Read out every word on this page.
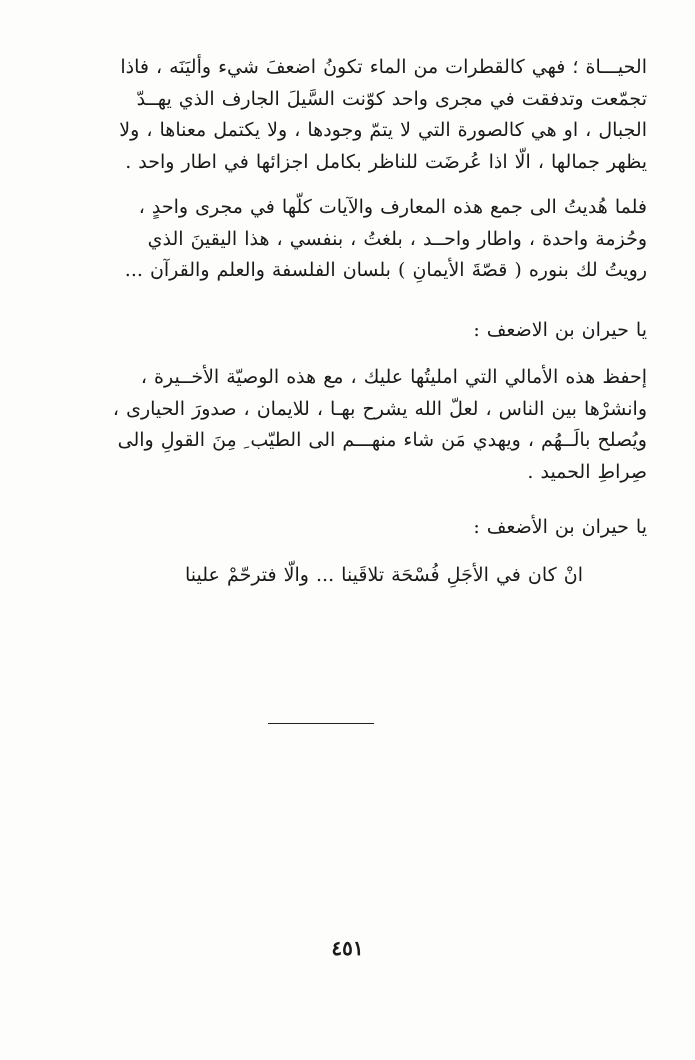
الحيـــاة ؛ فهي كالقطرات من الماء تكونُ اضعفَ شيء وأليَنَه ، فاذا
تجمّعت وتدفقت في مجرى واحد كوّنت السَّيلَ الجارف الذي يهــدّ
الجبال ، او هي كالصورة التي لا يتمّ وجودها ، ولا يكتمل معناها ، ولا
يظهر جمالها ، الّا اذا عُرضَت للناظر بكامل اجزائها في اطار واحد .
فلما هُديتُ الى جمع هذه المعارف والآيات كلّها في مجرى واحدٍ ،
وحُزمة واحدة ، واطار واحــد ، بلغتُ ، بنفسي ، هذا اليقينَ الذي
رويتُ لك بنوره ( قصّةَ الأيمانِ ) بلسان الفلسفة والعلم والقرآن ...
يا حيران بن الاضعف :
إحفظ هذه الأمالي التي امليتُها عليك ، مع هذه الوصيّة الأخــيرة ،
وانشرْها بين الناس ، لعلّ الله يشرح بهـا ، للايمان ، صدورَ الحيارى ،
ويُصلح بالَــهُم ، ويهدي مَن شاء منهـــم الى الطيّب ِ مِنَ القولِ والى
صِراطِ الحميد .
يا حيران بن الأضعف :
انْ كان في الأجَلِ فُسْحَة تلاقَينا ... والّا فترحّمْ علينا
٤٥١
